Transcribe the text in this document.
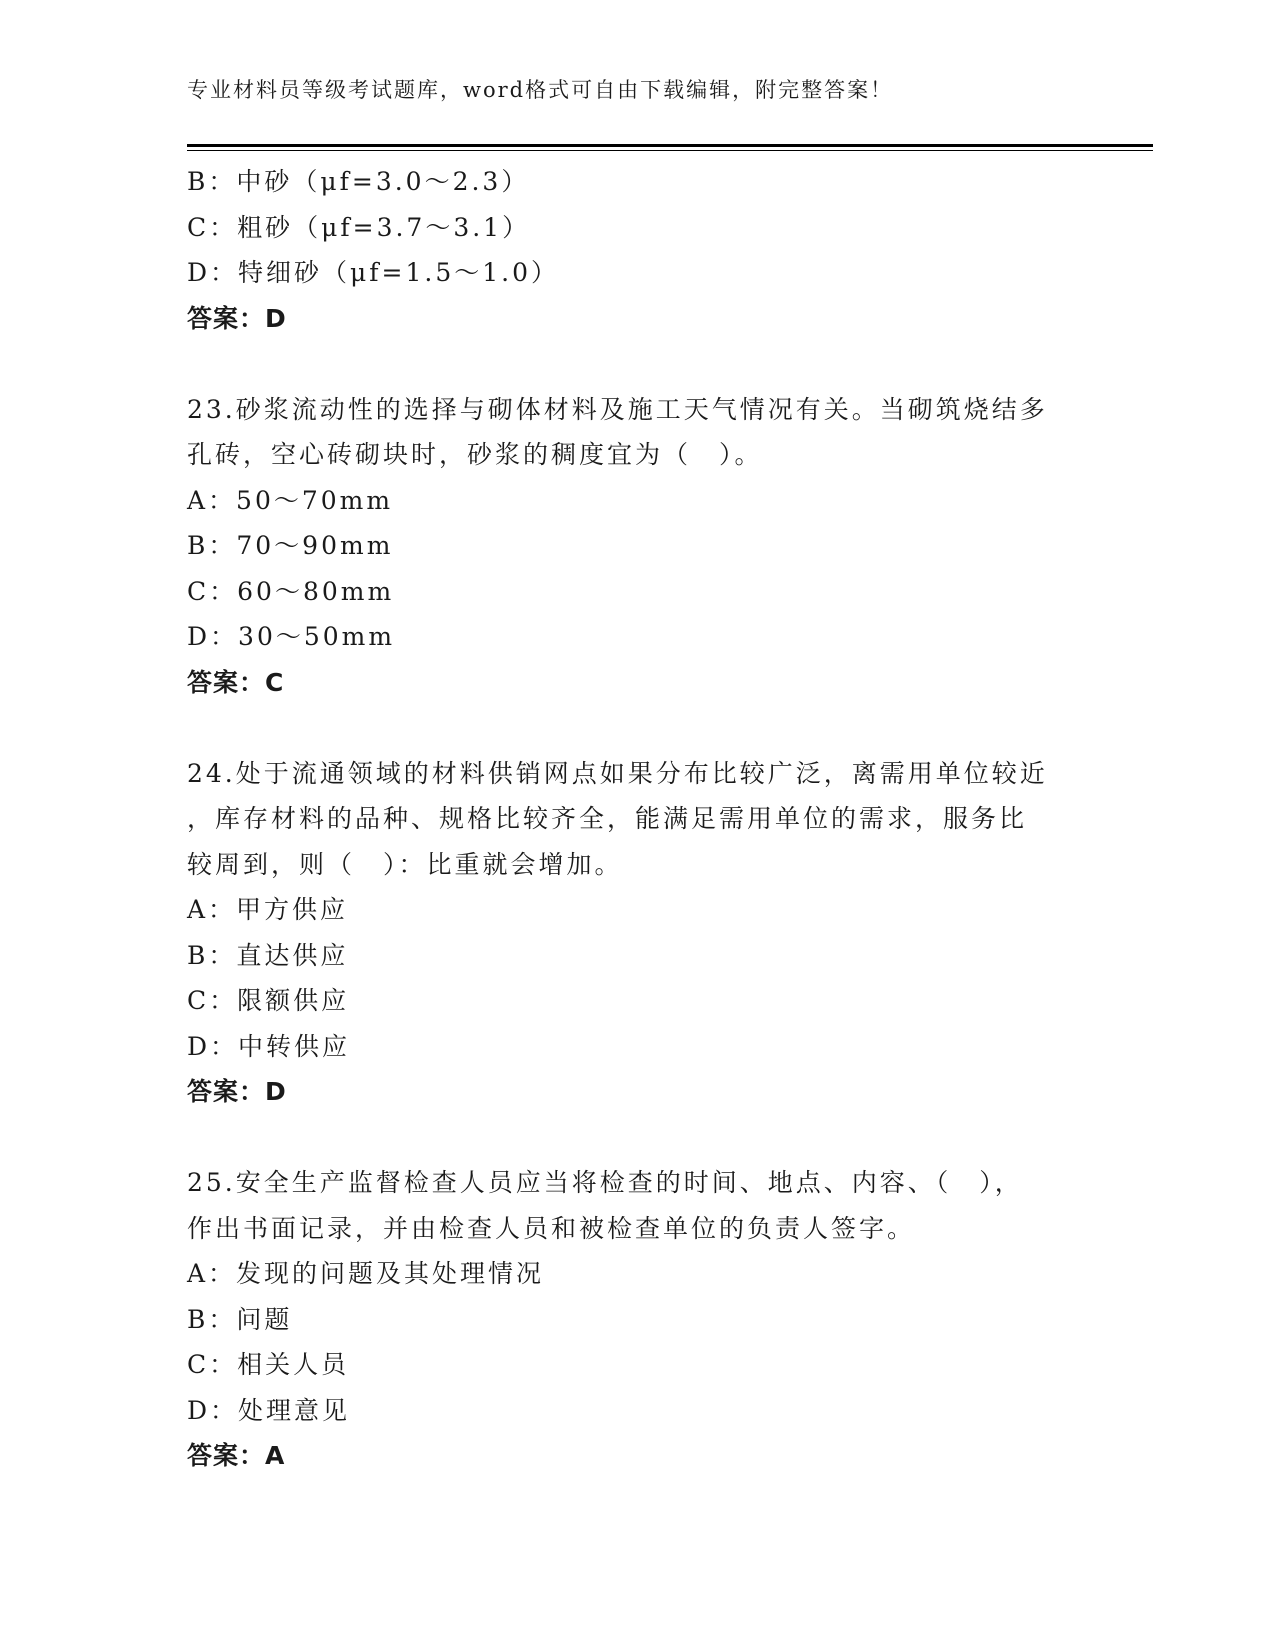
专业材料员等级考试题库，word格式可自由下载编辑，附完整答案！
B：中砂（μf=3.0～2.3）
C：粗砂（μf=3.7～3.1）
D：特细砂（μf=1.5～1.0）
答案：D
23.砂浆流动性的选择与砌体材料及施工天气情况有关。当砌筑烧结多
孔砖，空心砖砌块时，砂浆的稠度宜为（　）。
A：50～70mm
B：70～90mm
C：60～80mm
D：30～50mm
答案：C
24.处于流通领域的材料供销网点如果分布比较广泛，离需用单位较近
，库存材料的品种、规格比较齐全，能满足需用单位的需求，服务比
较周到，则（　）：比重就会增加。
A：甲方供应
B：直达供应
C：限额供应
D：中转供应
答案：D
25.安全生产监督检查人员应当将检查的时间、地点、内容、（　），
作出书面记录，并由检查人员和被检查单位的负责人签字。
A：发现的问题及其处理情况
B：问题
C：相关人员
D：处理意见
答案：A
